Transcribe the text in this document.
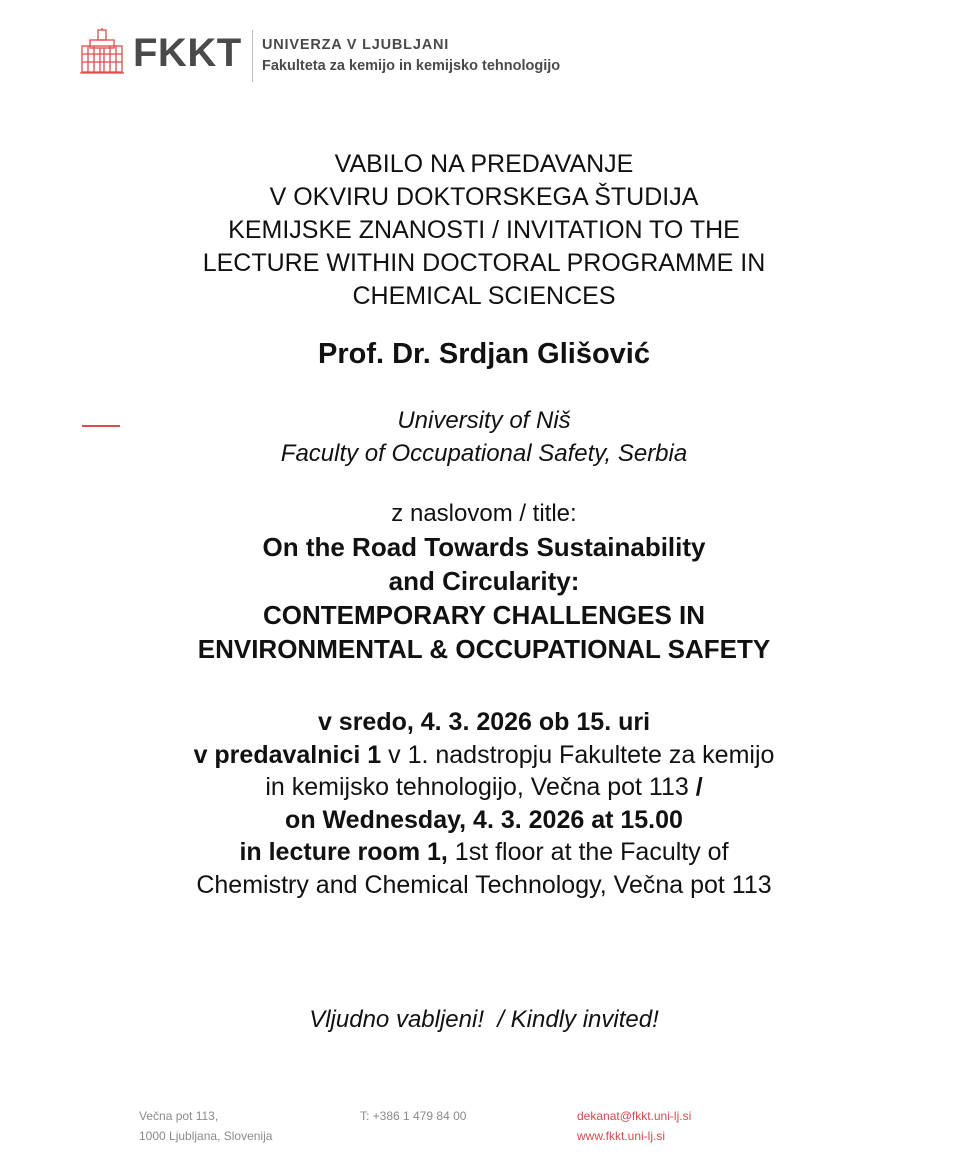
FKKT UNIVERZA V LJUBLJANI
Fakulteta za kemijo in kemijsko tehnologijo
VABILO NA PREDAVANJE
V OKVIRU DOKTORSKEGA ŠTUDIJA
KEMIJSKE ZNANOSTI / INVITATION TO THE
LECTURE WITHIN DOCTORAL PROGRAMME IN
CHEMICAL SCIENCES
Prof. Dr. Srdjan Glišović
University of Niš
Faculty of Occupational Safety, Serbia
z naslovom / title:
On the Road Towards Sustainability
and Circularity:
CONTEMPORARY CHALLENGES IN
ENVIRONMENTAL & OCCUPATIONAL SAFETY
v sredo, 4. 3. 2026 ob 15. uri
v predavalnici 1 v 1. nadstropju Fakultete za kemijo
in kemijsko tehnologijo, Večna pot 113 /
on Wednesday, 4. 3. 2026 at 15.00
in lecture room 1, 1st floor at the Faculty of
Chemistry and Chemical Technology, Večna pot 113
Vljudno vabljeni!  / Kindly invited!
Večna pot 113,
1000 Ljubljana, Slovenija
T: +386 1 479 84 00	dekanat@fkkt.uni-lj.si
www.fkkt.uni-lj.si
